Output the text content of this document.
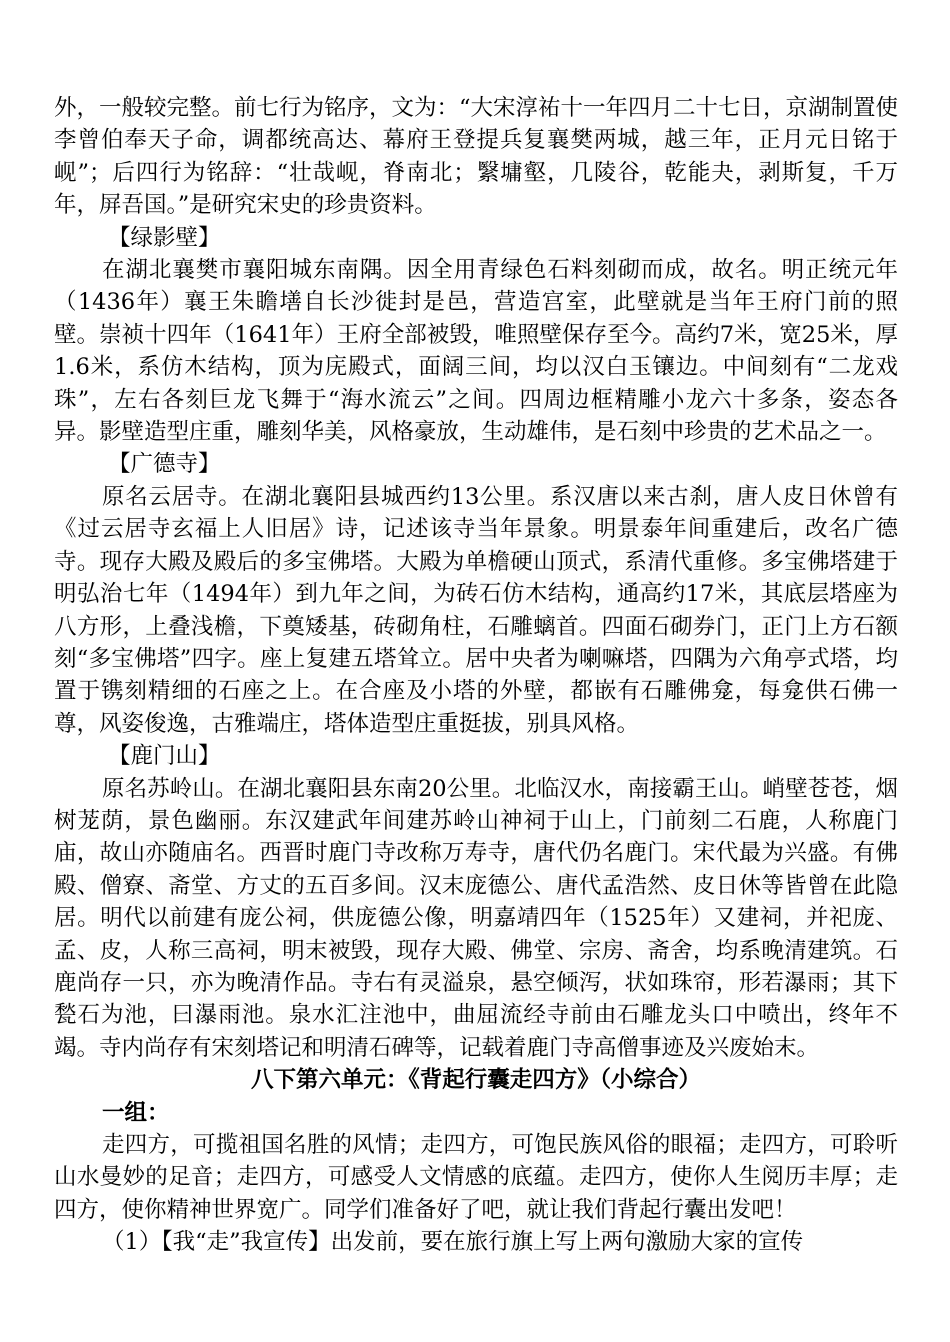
外，一般较完整。前七行为铭序，文为：“大宋淳祐十一年四月二十七日，京湖制置使李曾伯奉天子命，调都统高达、幕府王登提兵复襄樊两城，越三年，正月元日铭于岘”；后四行为铭辞：“壮哉岘，脊南北；繄墉壑，几陵谷，乾能夬，剥斯复，千万年，屏吾国。”是研究宋史的珍贵资料。

【绿影壁】

在湖北襄樊市襄阳城东南隅。因全用青绿色石料刻砌而成，故名。明正统元年（1436年）襄王朱瞻墡自长沙徙封是邑，营造宫室，此壁就是当年王府门前的照壁。崇祯十四年（1641年）王府全部被毁，唯照壁保存至今。高约7米，宽25米，厚1.6米，系仿木结构，顶为庑殿式，面阔三间，均以汉白玉镶边。中间刻有“二龙戏珠”，左右各刻巨龙飞舞于“海水流云”之间。四周边框精雕小龙六十多条，姿态各异。影壁造型庄重，雕刻华美，风格豪放，生动雄伟，是石刻中珍贵的艺术品之一。

【广德寺】

原名云居寺。在湖北襄阳县城西约13公里。系汉唐以来古刹，唐人皮日休曾有《过云居寺玄福上人旧居》诗，记述该寺当年景象。明景泰年间重建后，改名广德寺。现存大殿及殿后的多宝佛塔。大殿为单檐硬山顶式，系清代重修。多宝佛塔建于明弘治七年（1494年）到九年之间，为砖石仿木结构，通高约17米，其底层塔座为八方形，上叠浅檐，下奠矮基，砖砌角柱，石雕螭首。四面石砌券门，正门上方石额刻“多宝佛塔”四字。座上复建五塔耸立。居中央者为喇嘛塔，四隅为六角亭式塔，均置于镌刻精细的石座之上。在合座及小塔的外壁，都嵌有石雕佛龛，每龛供石佛一尊，风姿俊逸，古雅端庄，塔体造型庄重挺拔，别具风格。

【鹿门山】

原名苏岭山。在湖北襄阳县东南20公里。北临汉水，南接霸王山。峭壁苍苍，烟树茏荫，景色幽丽。东汉建武年间建苏岭山神祠于山上，门前刻二石鹿，人称鹿门庙，故山亦随庙名。西晋时鹿门寺改称万寿寺，唐代仍名鹿门。宋代最为兴盛。有佛殿、僧寮、斋堂、方丈的五百多间。汉末庞德公、唐代孟浩然、皮日休等皆曾在此隐居。明代以前建有庞公祠，供庞德公像，明嘉靖四年（1525年）又建祠，并祀庞、孟、皮，人称三高祠，明末被毁，现存大殿、佛堂、宗房、斋舍，均系晚清建筑。石鹿尚存一只，亦为晚清作品。寺右有灵溢泉，悬空倾泻，状如珠帘，形若瀑雨；其下甃石为池，曰瀑雨池。泉水汇注池中，曲屈流经寺前由石雕龙头口中喷出，终年不竭。寺内尚存有宋刻塔记和明清石碑等，记载着鹿门寺高僧事迹及兴废始末。

八下第六单元：《背起行囊走四方》（小综合）

一组：

走四方，可揽祖国名胜的风情；走四方，可饱民族风俗的眼福；走四方，可聆听山水曼妙的足音；走四方，可感受人文情感的底蕴。走四方，使你人生阅历丰厚；走四方，使你精神世界宽广。同学们准备好了吧，就让我们背起行囊出发吧！

（1）【我“走”我宣传】出发前，要在旅行旗上写上两句激励大家的宣传
